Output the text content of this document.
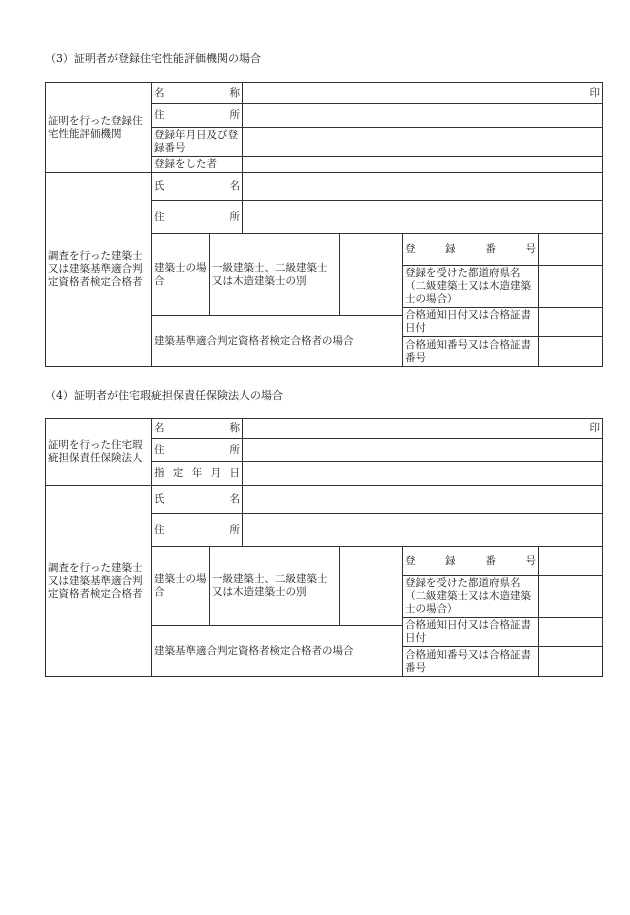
（3）証明者が登録住宅性能評価機関の場合
証明を行った登録住宅性能評価機関	名 称		印			

	住 所					

	登録年月日及び登録番号					
	登録をした者					
調査を行った建築士又は建築基準適合判定資格者検定合格者	氏 名					

	住 所					

	建築士の場合	一級建築士、二級建築士又は木造建築士の別			登 録 番 号	

					登録を受けた都道府県名（二級建築士又は木造建築士の場合）	
					合格通知日付又は合格証書日付	
	建築基準適合判定資格者検定合格者の場合					
					合格通知番号又は合格証書番号	
（4）証明者が住宅瑕疵担保責任保険法人の場合
証明を行った住宅瑕疵担保責任保険法人	名 称		印			

	住 所					

	指 定 年 月 日					

調査を行った建築士又は建築基準適合判定資格者検定合格者	氏 名					

	住 所					

	建築士の場合	一級建築士、二級建築士又は木造建築士の別			登 録 番 号	

					登録を受けた都道府県名（二級建築士又は木造建築士の場合）	
					合格通知日付又は合格証書日付	
	建築基準適合判定資格者検定合格者の場合					
					合格通知番号又は合格証書番号	
